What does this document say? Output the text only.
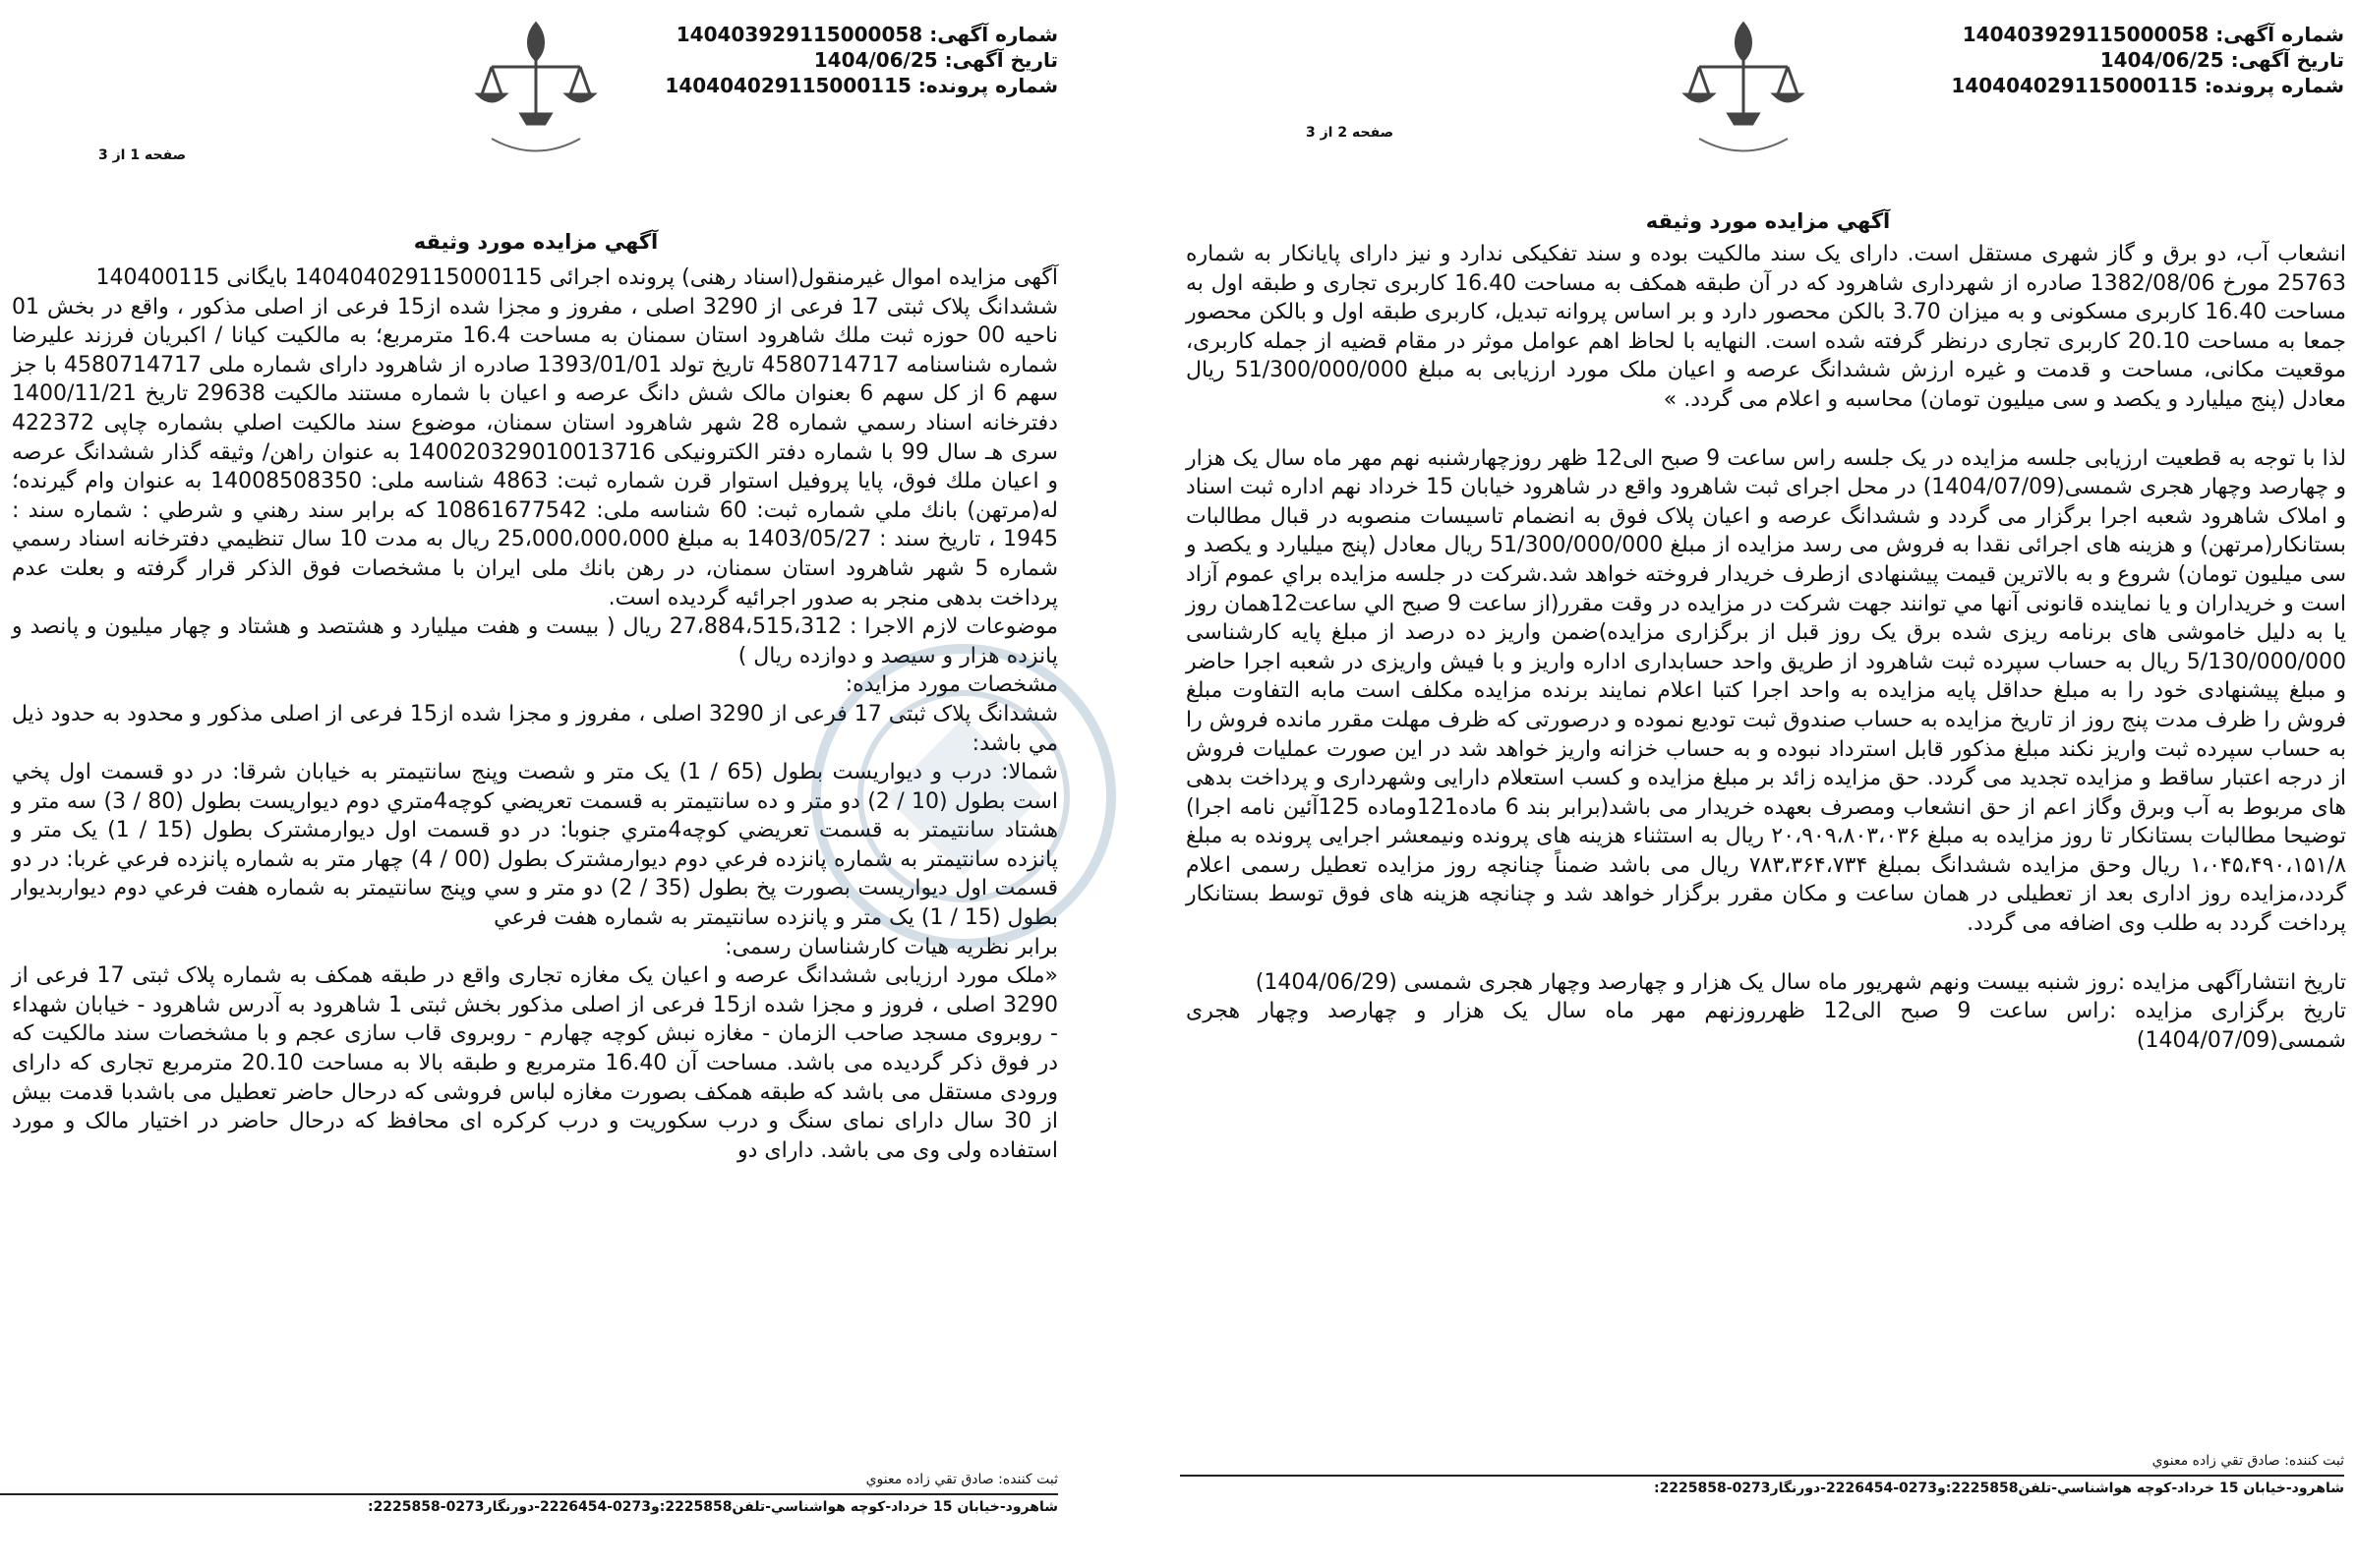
شماره آگهی: 140403929115000058
تاریخ آگهی: 1404/06/25
شماره پرونده: 140404029115000115
صفحه 1 از 3
آگهي مزايده مورد وثيقه

آگهی مزایده اموال غیرمنقول(اسناد رهنی) پرونده اجرائی 140404029115000115 بایگانی 140400115

ششدانگ پلاک ثبتی 17 فرعی از 3290 اصلی ، مفروز و مجزا شده از15 فرعی از اصلی مذکور ، واقع در بخش 01 ناحیه 00 حوزه ثبت ملك شاهرود استان سمنان به مساحت 16.4 مترمربع؛ به مالکیت کیانا / اکبریان فرزند علیرضا شماره شناسنامه 4580714717 تاریخ تولد 1393/01/01 صادره از شاهرود دارای شماره ملی 4580714717 با جز سهم 6 از کل سهم 6 بعنوان مالک شش دانگ عرصه و اعیان با شماره مستند مالکیت 29638 تاریخ 1400/11/21 دفترخانه اسناد رسمي شماره 28 شهر شاهرود استان سمنان، موضوع سند مالكيت اصلي بشماره چاپی 422372 سری هـ سال 99 با شماره دفتر الکترونیکی 140020329010013716 به عنوان راهن/ وثیقه گذار ششدانگ عرصه و اعیان ملك فوق، پایا پروفیل استوار قرن شماره ثبت: 4863 شناسه ملی: 14008508350 به عنوان وام گیرنده؛ له(مرتهن) بانك ملي شماره ثبت: 60 شناسه ملی: 10861677542 كه برابر سند رهني و شرطي : شماره سند : 1945 ، تاريخ سند : 1403/05/27 به مبلغ 25،000،000،000 ريال به مدت 10 سال تنظيمي دفترخانه اسناد رسمي شماره 5 شهر شاهرود استان سمنان، در رهن بانك ملی ایران با مشخصات فوق الذكر قرار گرفته و بعلت عدم پرداخت بدهی منجر به صدور اجرائیه گردیده است.

موضوعات لازم الاجرا : 27،884،515،312 ریال ( بیست و هفت میلیارد و هشتصد و هشتاد و چهار میلیون و پانصد و پانزده هزار و سیصد و دوازده ریال )

مشخصات مورد مزایده:

ششدانگ پلاک ثبتی 17 فرعی از 3290 اصلی ، مفروز و مجزا شده از15 فرعی از اصلی مذکور و محدود به حدود ذيل مي باشد:

شمالا: درب و ديواريست بطول (65 / 1) يک متر و شصت وپنج سانتيمتر به خيابان شرقا: در دو قسمت اول پخي است بطول (10 / 2) دو متر و ده سانتيمتر به قسمت تعريضي کوچه4متري دوم ديواريست بطول (80 / 3) سه متر و هشتاد سانتيمتر به قسمت تعريضي کوچه4متري جنوبا: در دو قسمت اول ديوارمشترک بطول (15 / 1) يک متر و پانزده سانتيمتر به شماره پانزده فرعي دوم ديوارمشترک بطول (00 / 4) چهار متر به شماره پانزده فرعي غربا: در دو قسمت اول ديواريست بصورت پخ بطول (35 / 2) دو متر و سي وپنج سانتيمتر به شماره هفت فرعي دوم ديواربديوار بطول (15 / 1) يک متر و پانزده سانتيمتر به شماره هفت فرعي

برابر نظریه هیات کارشناسان رسمی:

«ملک مورد ارزیابی ششدانگ عرصه و اعیان یک مغازه تجاری واقع در طبقه همکف به شماره پلاک ثبتی 17 فرعی از 3290 اصلی ، فروز و مجزا شده از15 فرعی از اصلی مذکور بخش ثبتی 1 شاهرود به آدرس شاهرود - خیابان شهداء - روبروی مسجد صاحب الزمان - مغازه نبش کوچه چهارم - روبروی قاب سازی عجم و با مشخصات سند مالکیت که در فوق ذکر گردیده می باشد. مساحت آن 16.40 مترمربع و طبقه بالا به مساحت 20.10 مترمربع تجاری که دارای ورودی مستقل می باشد که طبقه همکف بصورت مغازه لباس فروشی که درحال حاضر تعطیل می باشدبا قدمت بیش از 30 سال دارای نمای سنگ و درب سکوریت و درب کرکره ای محافظ که درحال حاضر در اختیار مالک و مورد استفاده ولی وی می باشد. دارای دو

ثبت كننده: صادق تقي زاده معنوي
شاهرود-خيابان 15 خرداد-کوچه هواشناسي-تلفن2225858:و0273-2226454-دورنگار0273-2225858:
شماره آگهی: 140403929115000058
تاریخ آگهی: 1404/06/25
شماره پرونده: 140404029115000115
صفحه 2 از 3
آگهي مزايده مورد وثيقه

انشعاب آب، دو برق و گاز شهری مستقل است. دارای یک سند مالکیت بوده و سند تفکیکی ندارد و نیز دارای پایانکار به شماره 25763 مورخ 1382/08/06 صادره از شهرداری شاهرود که در آن طبقه همکف به مساحت 16.40 کاربری تجاری و طبقه اول به مساحت 16.40 کاربری مسکونی و به میزان 3.70 بالکن محصور دارد و بر اساس پروانه تبدیل، کاربری طبقه اول و بالکن محصور جمعا به مساحت 20.10 کاربری تجاری درنظر گرفته شده است. النهایه با لحاظ اهم عوامل موثر در مقام قضیه از جمله کاربری، موقعیت مکانی، مساحت و قدمت و غیره ارزش ششدانگ عرصه و اعیان ملک مورد ارزیابی به مبلغ 51/300/000/000 ریال معادل (پنج میلیارد و یکصد و سی میلیون تومان) محاسبه و اعلام می گردد. »

لذا با توجه به قطعيت ارزيابی جلسه مزايده در يک جلسه راس ساعت 9 صبح الی12 ظهر روزچهارشنبه نهم مهر ماه سال یک هزار و چهارصد وچهار هجری شمسی(1404/07/09) در محل اجرای ثبت شاهرود واقع در شاهرود خیابان 15 خرداد نهم اداره ثبت اسناد و املاک شاهرود شعبه اجرا برگزار می گردد و ششدانگ عرصه و اعیان پلاک فوق به انضمام تاسیسات منصوبه در قبال مطالبات بستانکار(مرتهن) و هزینه های اجرائی نقدا به فروش می رسد مزایده از مبلغ 51/300/000/000 ریال معادل (پنج میلیارد و یکصد و سی میلیون تومان) شروع و به بالاترین قیمت پیشنهادی ازطرف خریدار فروخته خواهد شد.شرکت در جلسه مزایده براي عموم آزاد است و خريداران و يا نماينده قانونی آنها مي توانند جهت شرکت در مزايده در وقت مقرر(از ساعت 9 صبح الي ساعت12همان روز يا به دليل خاموشی های برنامه ريزی شده برق يک روز قبل از برگزاری مزايده)ضمن واريز ده درصد از مبلغ پايه کارشناسی 5/130/000/000 ريال به حساب سپرده ثبت شاهرود از طريق واحد حسابداری اداره واريز و با فيش واريزی در شعبه اجرا حاضر و مبلغ پيشنهادی خود را به مبلغ حداقل پايه مزايده به واحد اجرا کتبا اعلام نمايند برنده مزايده مکلف است مابه التفاوت مبلغ فروش را ظرف مدت پنج روز از تاريخ مزايده به حساب صندوق ثبت توديع نموده و درصورتی که ظرف مهلت مقرر مانده فروش را به حساب سپرده ثبت واريز نکند مبلغ مذکور قابل استرداد نبوده و به حساب خزانه واريز خواهد شد در اين صورت عمليات فروش از درجه اعتبار ساقط و مزايده تجديد می گردد. حق مزایده زائد بر مبلغ مزایده و کسب استعلام دارایی وشهرداری و پرداخت بدهی های مربوط به آب وبرق وگاز اعم از حق انشعاب ومصرف بعهده خریدار می باشد(برابر بند 6 ماده121وماده 125آئین نامه اجرا) توضیحا مطالبات بستانکار تا روز مزایده به مبلغ ۲۰،۹۰۹،۸۰۳،۰۳۶ ریال به استثناء هزینه های پرونده ونیمعشر اجرایی پرونده به مبلغ ۱،۰۴۵،۴۹۰،۱۵۱/۸ ریال وحق مزایده ششدانگ بمبلغ ۷۸۳،۳۶۴،۷۳۴ ریال می باشد ضمناً چنانچه روز مزایده تعطیل رسمی اعلام گردد،مزایده روز اداری بعد از تعطیلی در همان ساعت و مکان مقرر برگزار خواهد شد و چنانچه هزینه های فوق توسط بستانکار پرداخت گردد به طلب وی اضافه می گردد.

تاریخ انتشارآگهی مزایده :روز شنبه بیست ونهم شهریور ماه سال یک هزار و چهارصد وچهار هجری شمسی (1404/06/29)

تاریخ برگزاری مزایده :راس ساعت 9 صبح الی12 ظهرروزنهم مهر ماه سال یک هزار و چهارصد وچهار هجری شمسی(1404/07/09)

ثبت كننده: صادق تقي زاده معنوي
شاهرود-خيابان 15 خرداد-کوچه هواشناسي-تلفن2225858:و0273-2226454-دورنگار0273-2225858:
